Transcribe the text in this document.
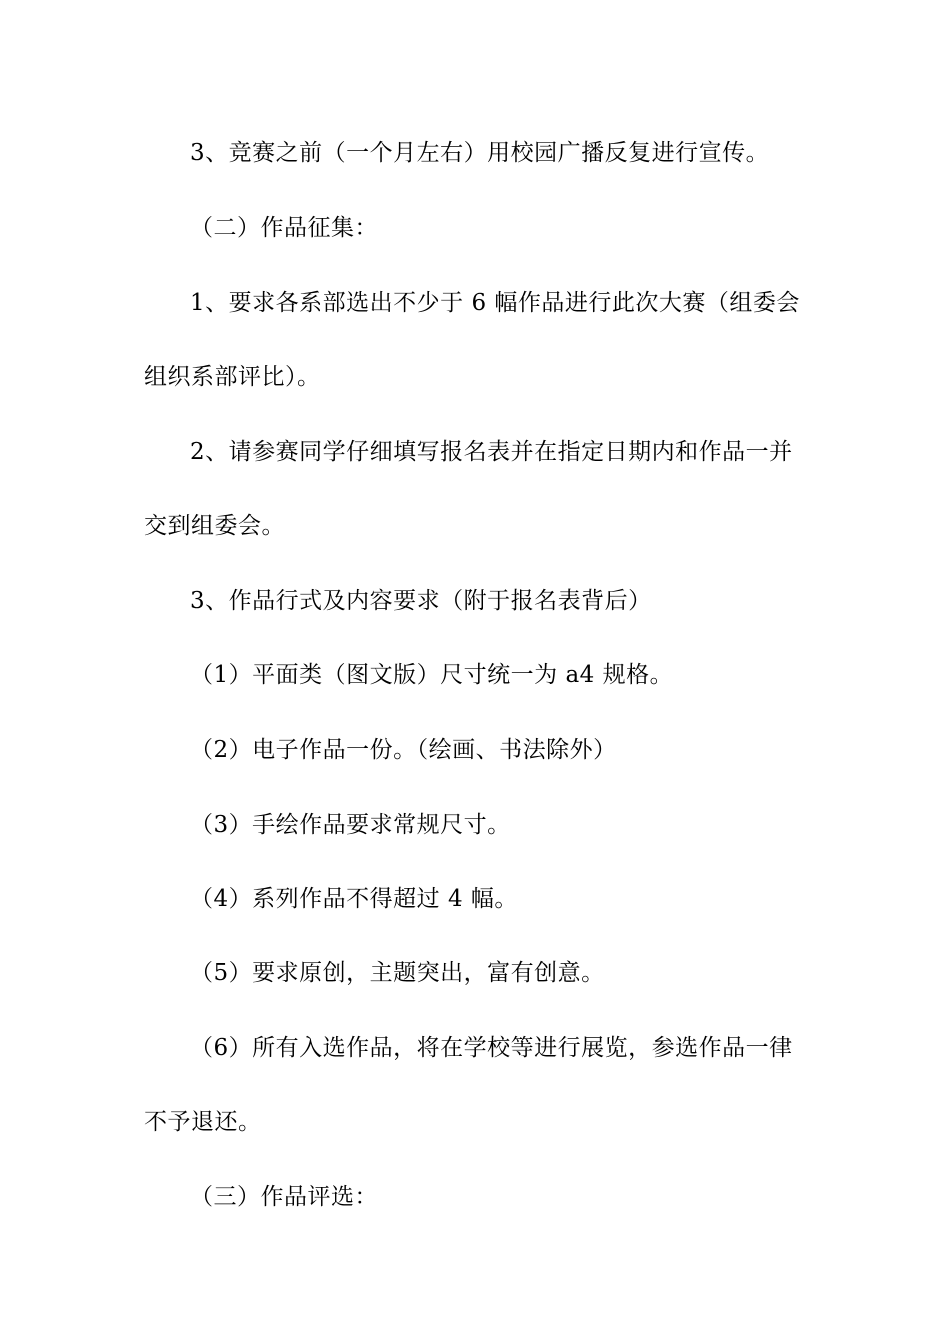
3、竞赛之前（一个月左右）用校园广播反复进行宣传。
（二）作品征集：
1、要求各系部选出不少于 6 幅作品进行此次大赛（组委会
组织系部评比）。
2、请参赛同学仔细填写报名表并在指定日期内和作品一并
交到组委会。
3、作品行式及内容要求（附于报名表背后）
（1）平面类（图文版）尺寸统一为 a4 规格。
（2）电子作品一份。（绘画、书法除外）
（3）手绘作品要求常规尺寸。
（4）系列作品不得超过 4 幅。
（5）要求原创，主题突出，富有创意。
（6）所有入选作品，将在学校等进行展览，参选作品一律
不予退还。
（三）作品评选：
